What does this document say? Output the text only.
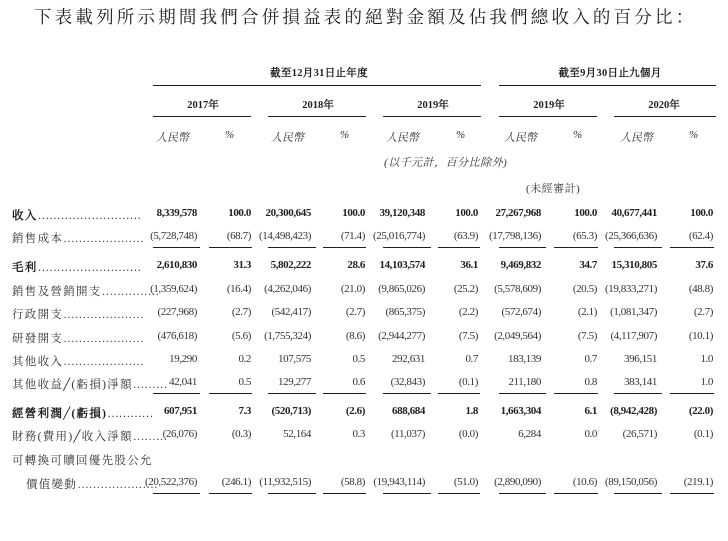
下表載列所示期間我們合併損益表的絕對金額及佔我們總收入的百分比：
截至12月31日止年度	截至9月30日止九個月
2017年	2018年	2019年	2019年	2020年
人民幣	%	人民幣	%	人民幣	%	人民幣	%	人民幣	%
(以千元計，百分比除外)
(未經審計)
收入……………………… 8,339,578	100.0 20,300,645	100.0 39,120,348	100.0 27,267,968	100.0 40,677,441	100.0
銷售成本………………… (5,728,748)	(68.7) (14,498,423)	(71.4) (25,016,774)	(63.9) (17,798,136)	(65.3) (25,366,636)	(62.4)
毛利……………………… 2,610,830	31.3 5,802,222	28.6 14,103,574	36.1 9,469,832	34.7 15,310,805	37.6
銷售及營銷開支……………
(1,359,624)	(16.4) (4,262,046)	(21.0) (9,865,026)	(25.2) (5,578,609)	(20.5) (19,833,271)	(48.8)
行政開支………………… (227,968)	(2.7) (542,417)	(2.7) (865,375)	(2.2) (572,674)	(2.1) (1,081,347)	(2.7)
研發開支………………… (476,618)	(5.6) (1,755,324)	(8.6) (2,944,277)	(7.5) (2,049,564)	(7.5) (4,117,907)	(10.1)
其他收入………………… 19,290	0.2 107,575	0.5 292,631	0.7	183,139	0.7 396,151	1.0
其他收益╱(虧損)淨額……… 42,041	0.5 129,277	0.6 (32,843)	(0.1)	211,180	0.8 383,141	1.0
經營利潤╱(虧損)………… 607,951	7.3 (520,713)	(2.6) 688,684	1.8 1,663,304	6.1 (8,942,428)	(22.0)
財務(費用)╱收入淨額………
(26,076)	(0.3)	52,164	0.3 (11,037)	(0.0)	6,284	0.0 (26,571)	(0.1)
可轉換可贖回優先股公允
價值變動…………………
(20,522,376) (246.1) (11,932,515)	(58.8) (19,943,114)	(51.0) (2,890,090)	(10.6) (89,150,056) (219.1)
